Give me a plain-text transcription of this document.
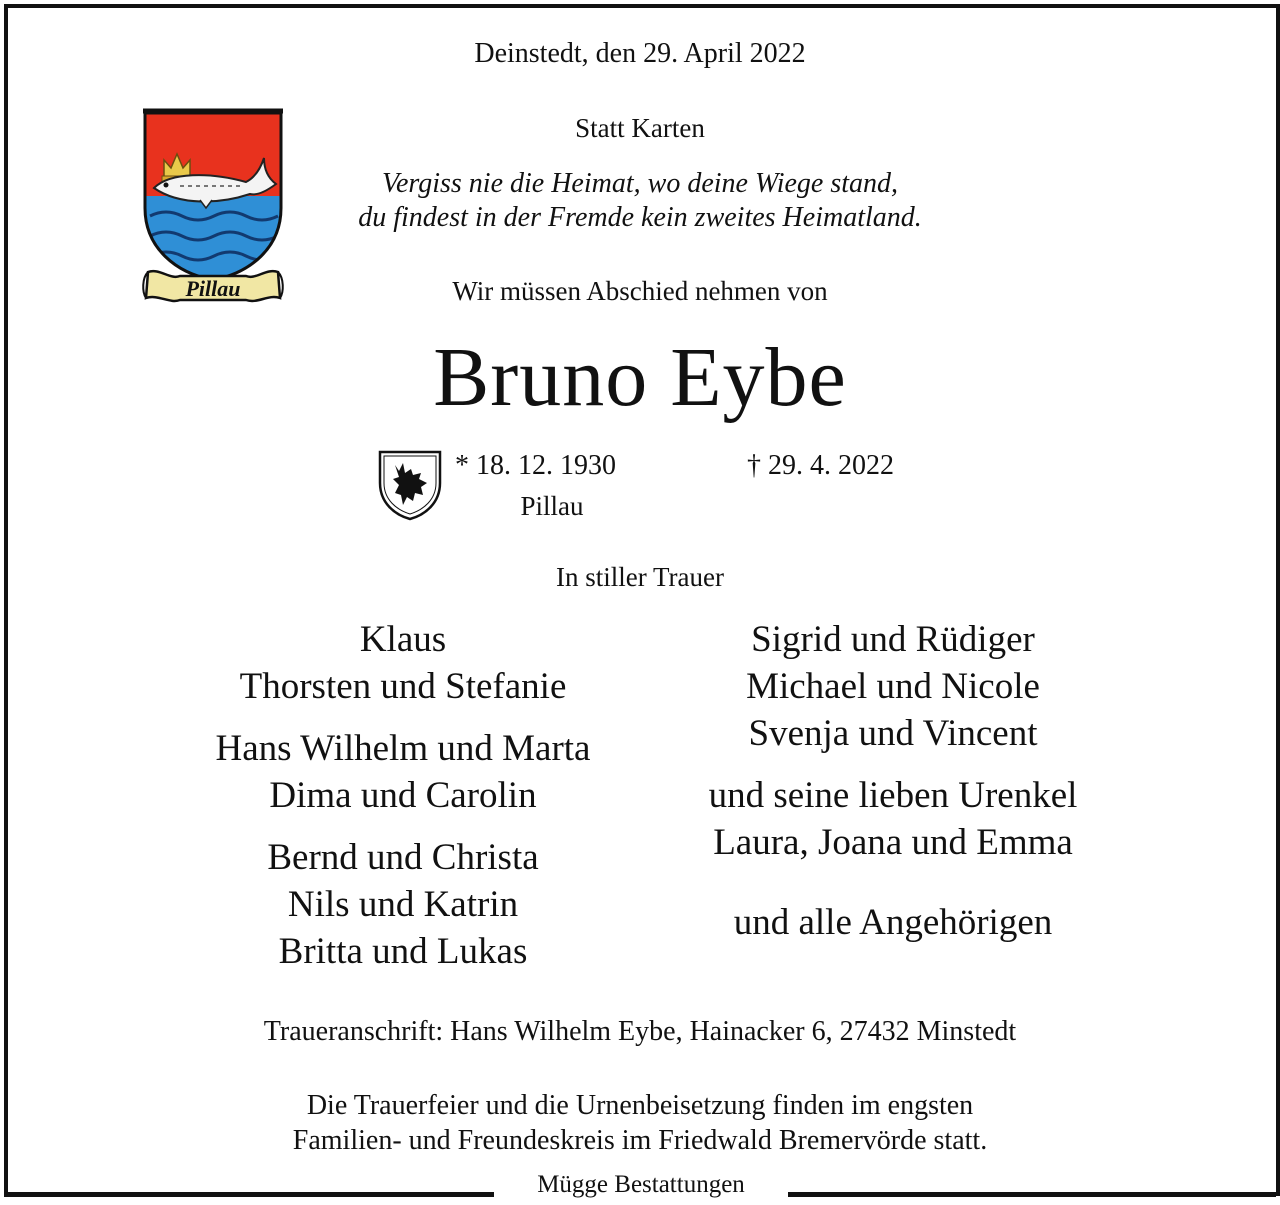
Deinstedt, den 29. April 2022
Pillau
Statt Karten
Vergiss nie die Heimat, wo deine Wiege stand,
du findest in der Fremde kein zweites Heimatland.
Wir müssen Abschied nehmen von
Bruno Eybe
* 18. 12. 1930	† 29. 4. 2022
Pillau
In stiller Trauer
Klaus
Thorsten und Stefanie
Hans Wilhelm und Marta
Dima und Carolin
Bernd und Christa
Nils und Katrin
Britta und Lukas
Sigrid und Rüdiger
Michael und Nicole
Svenja und Vincent
und seine lieben Urenkel
Laura, Joana und Emma
und alle Angehörigen
Traueranschrift: Hans Wilhelm Eybe, Hainacker 6, 27432 Minstedt
Die Trauerfeier und die Urnenbeisetzung finden im engsten
Familien- und Freundeskreis im Friedwald Bremervörde statt.
Mügge Bestattungen
